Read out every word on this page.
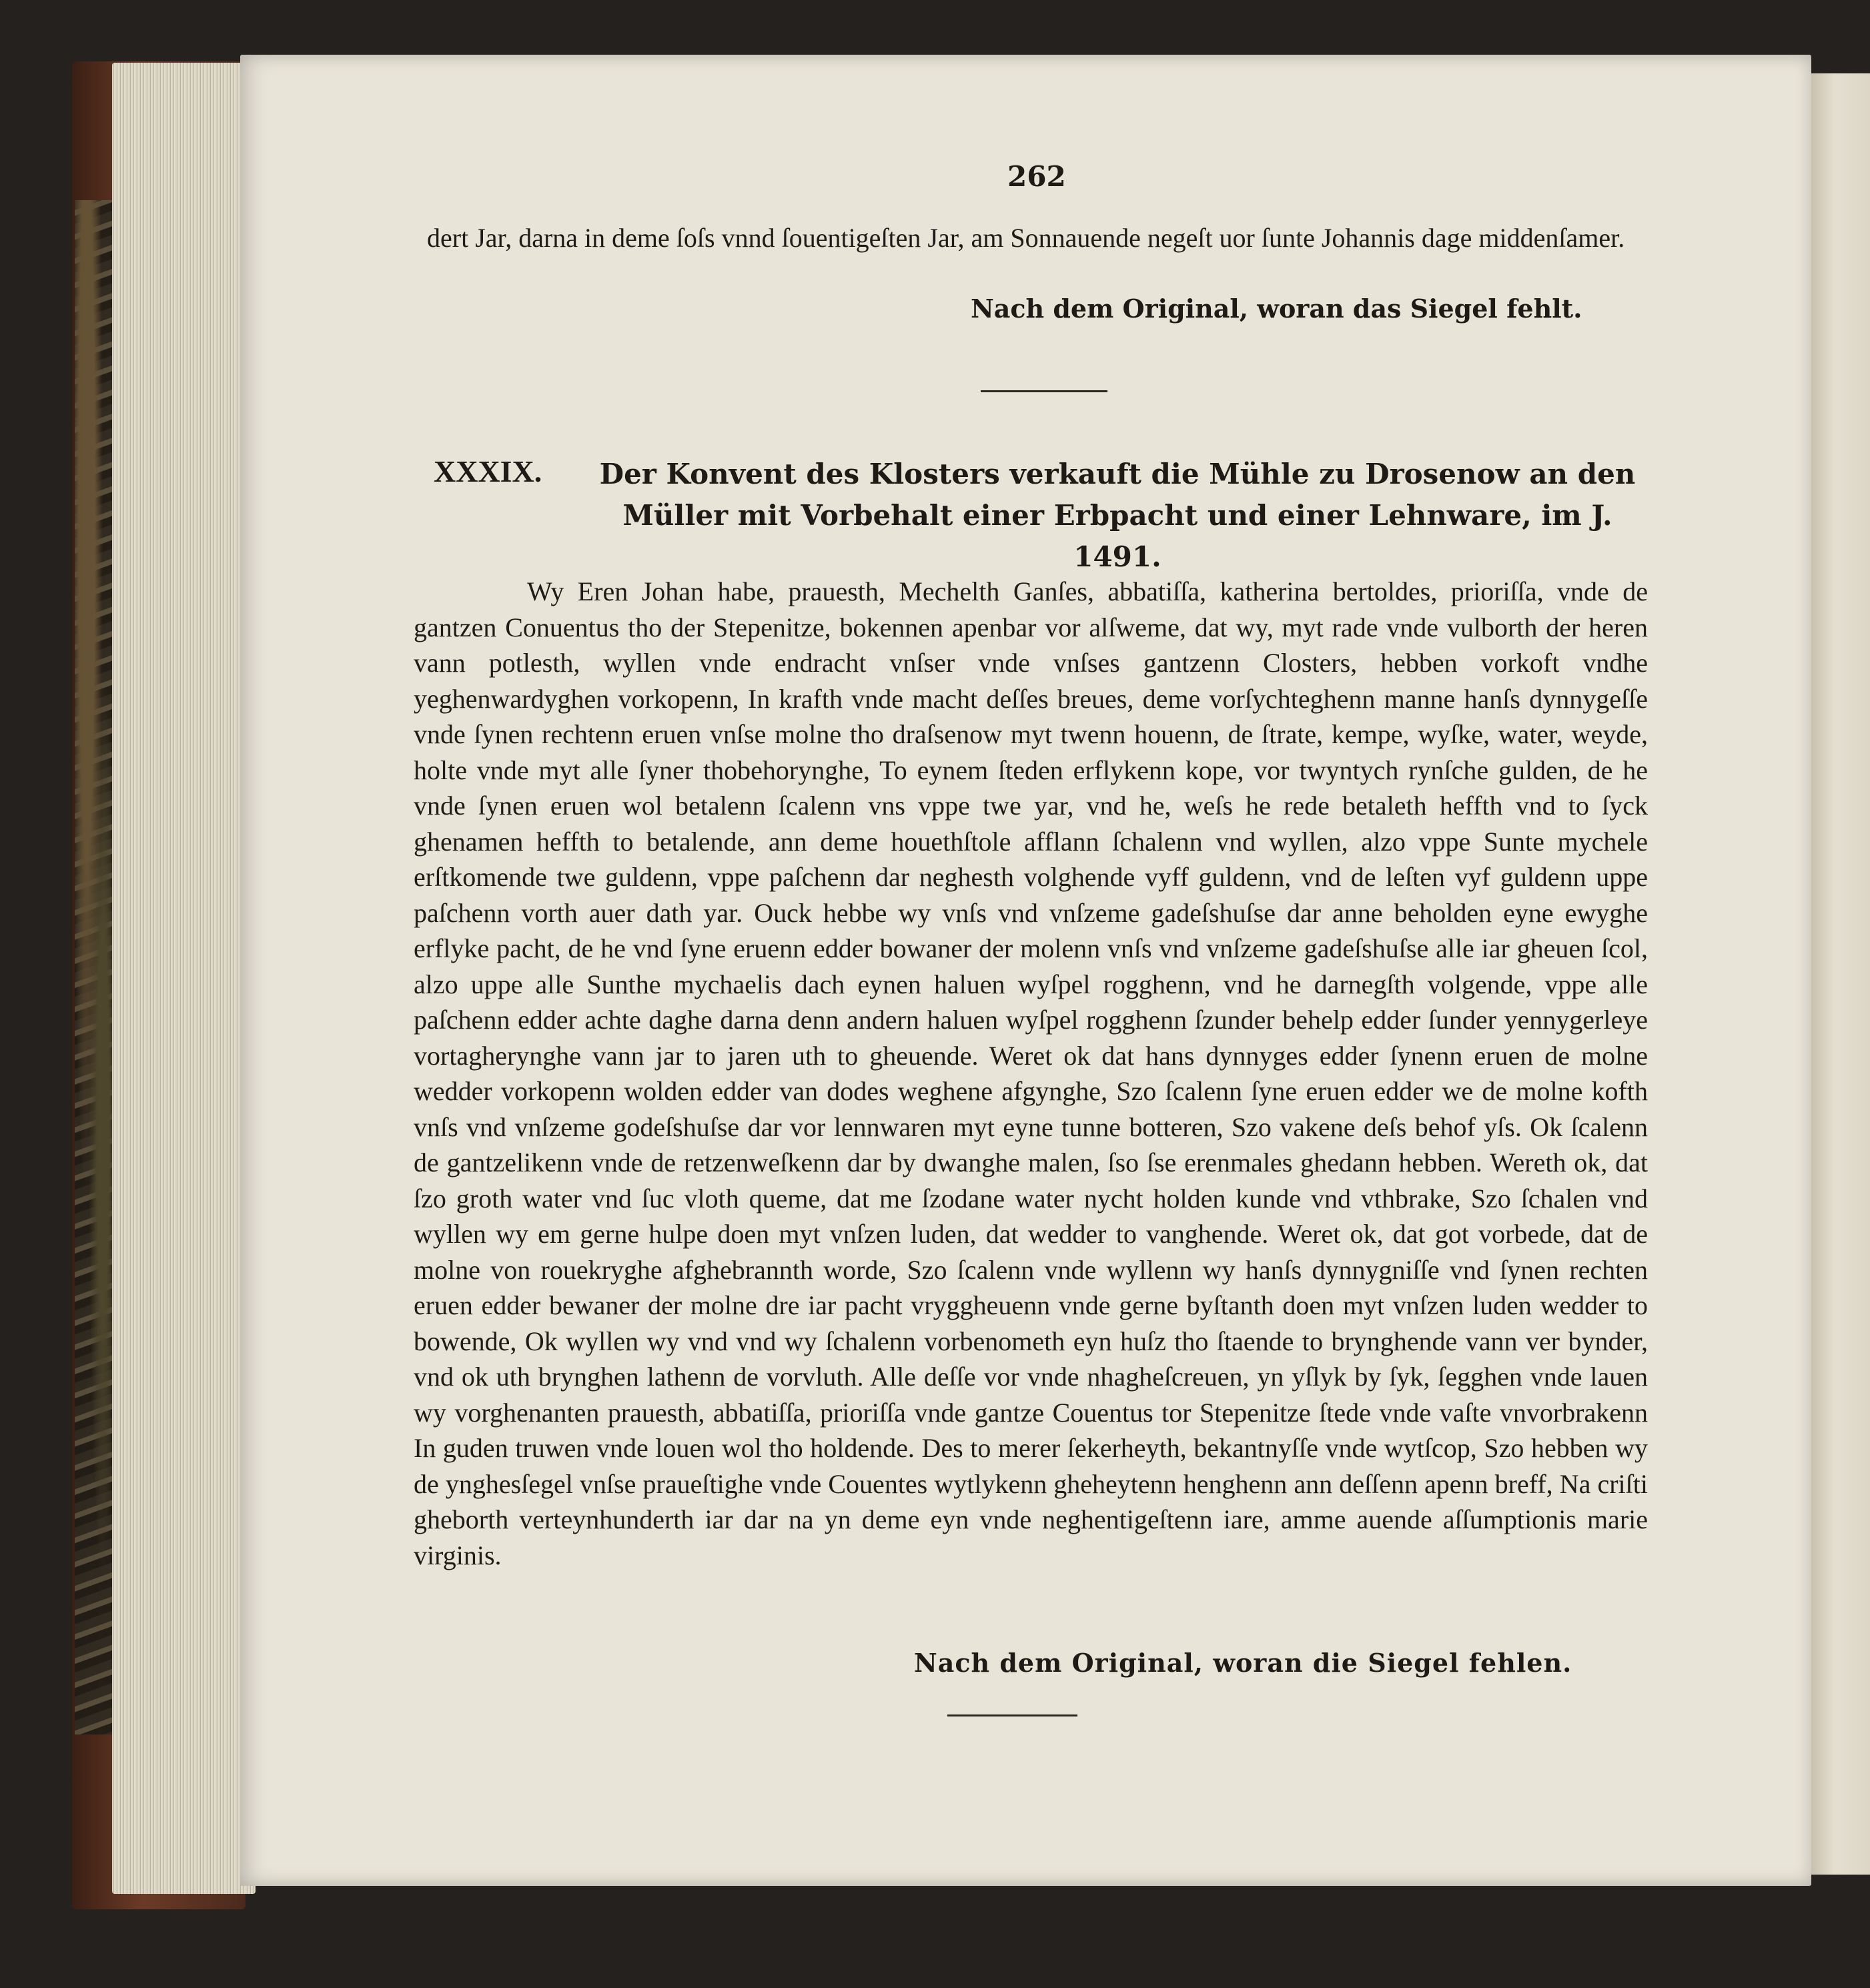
262
dert Jar, darna in deme ſoſs vnnd ſouentigeſten Jar, am Sonnauende negeſt uor ſunte Johannis dage middenſamer.
Nach dem Original, woran das Siegel fehlt.
XXXIX.	Der Konvent des Klosters verkauft die Mühle zu Drosenow an den Müller mit Vorbehalt einer Erbpacht und einer Lehnware, im J. 1491.
Wy Eren Johan habe, prauesth, Mechelth Ganſes, abbatiſſa, katherina bertoldes, prioriſſa, vnde de gantzen Conuentus tho der Stepenitze, bokennen apenbar vor alſweme, dat wy, myt rade vnde vulborth der heren vann potlesth, wyllen vnde endracht vnſser vnde vnſses gantzenn Closters, hebben vorkoft vndhe yeghenwardyghen vorkopenn, In krafth vnde macht deſſes breues, deme vorſychteghenn manne hanſs dynnygeſſe vnde ſynen rechtenn eruen vnſse molne tho draſsenow myt twenn houenn, de ſtrate, kempe, wyſke, water, weyde, holte vnde myt alle ſyner thobehorynghe, To eynem ſteden erflykenn kope, vor twyntych rynſche gulden, de he vnde ſynen eruen wol betalenn ſcalenn vns vppe twe yar, vnd he, weſs he rede betaleth heffth vnd to ſyck ghenamen heffth to betalende, ann deme houethſtole afflann ſchalenn vnd wyllen, alzo vppe Sunte mychele erſtkomende twe guldenn, vppe paſchenn dar neghesth volghende vyff guldenn, vnd de leſten vyf guldenn uppe paſchenn vorth auer dath yar. Ouck hebbe wy vnſs vnd vnſzeme gadeſshuſse dar anne beholden eyne ewyghe erflyke pacht, de he vnd ſyne eruenn edder bowaner der molenn vnſs vnd vnſzeme gadeſshuſse alle iar gheuen ſcol, alzo uppe alle Sunthe mychaelis dach eynen haluen wyſpel rogghenn, vnd he darnegſth volgende, vppe alle paſchenn edder achte daghe darna denn andern haluen wyſpel rogghenn ſzunder behelp edder ſunder yennygerleye vortagherynghe vann jar to jaren uth to gheuende. Weret ok dat hans dynnyges edder ſynenn eruen de molne wedder vorkopenn wolden edder van dodes weghene afgynghe, Szo ſcalenn ſyne eruen edder we de molne kofth vnſs vnd vnſzeme godeſshuſse dar vor lennwaren myt eyne tunne botteren, Szo vakene deſs behof yſs. Ok ſcalenn de gantzelikenn vnde de retzenweſkenn dar by dwanghe malen, ſso ſse erenmales ghedann hebben. Wereth ok, dat ſzo groth water vnd ſuc vloth queme, dat me ſzodane water nycht holden kunde vnd vthbrake, Szo ſchalen vnd wyllen wy em gerne hulpe doen myt vnſzen luden, dat wedder to vanghende. Weret ok, dat got vorbede, dat de molne von rouekryghe afghebrannth worde, Szo ſcalenn vnde wyllenn wy hanſs dynnygniſſe vnd ſynen rechten eruen edder bewaner der molne dre iar pacht vryggheuenn vnde gerne byſtanth doen myt vnſzen luden wedder to bowende, Ok wyllen wy vnd vnd wy ſchalenn vorbenometh eyn huſz tho ſtaende to brynghende vann ver bynder, vnd ok uth brynghen lathenn de vorvluth. Alle deſſe vor vnde nhagheſcreuen, yn yſlyk by ſyk, ſegghen vnde lauen wy vorghenanten prauesth, abbatiſſa, prioriſſa vnde gantze Couentus tor Stepenitze ſtede vnde vaſte vnvorbrakenn In guden truwen vnde louen wol tho holdende. Des to merer ſekerheyth, bekantnyſſe vnde wytſcop, Szo hebben wy de ynghesſegel vnſse praueſtighe vnde Couentes wytlykenn gheheytenn henghenn ann deſſenn apenn breff, Na criſti gheborth verteynhunderth iar dar na yn deme eyn vnde neghentigeſtenn iare, amme auende aſſumptionis marie virginis.
Nach dem Original, woran die Siegel fehlen.
